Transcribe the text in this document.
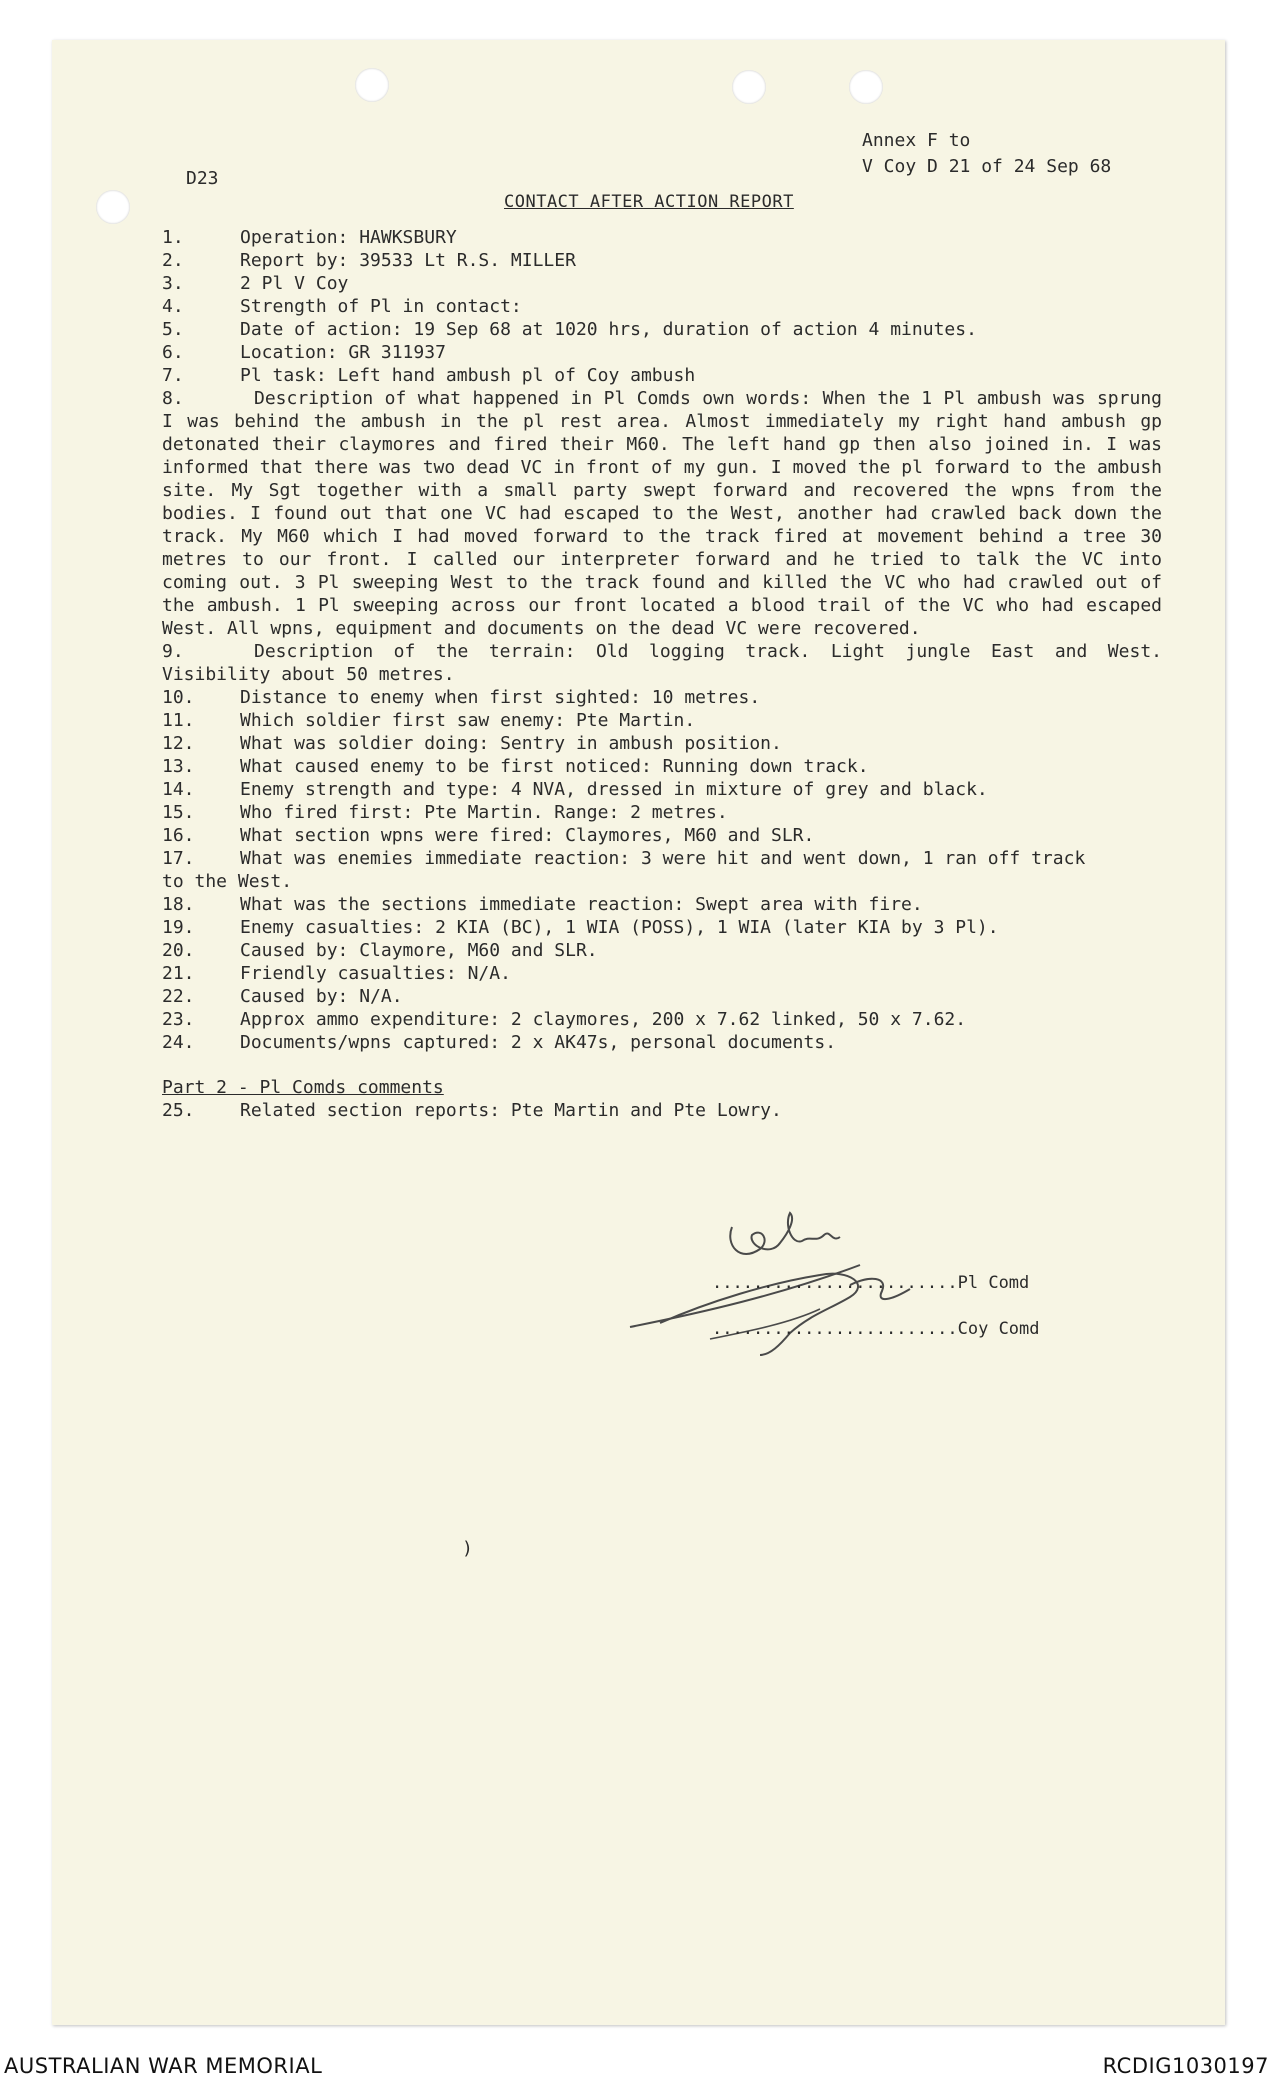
Annex F to
V Coy D 21 of 24 Sep 68
D23
CONTACT AFTER ACTION REPORT
1.	Operation: HAWKSBURY
2.	Report by: 39533 Lt R.S. MILLER
3.	2 Pl V Coy
4.	Strength of Pl in contact:
5.	Date of action: 19 Sep 68 at 1020 hrs, duration of action 4 minutes.
6.	Location: GR 311937
7.	Pl task: Left hand ambush pl of Coy ambush

8.	Description of what happened in Pl Comds own words: When the 1 Pl ambush was sprung I was behind the ambush in the pl rest area. Almost immediately my right hand ambush gp detonated their claymores and fired their M60. The left hand gp then also joined in. I was informed that there was two dead VC in front of my gun. I moved the pl forward to the ambush site. My Sgt together with a small party swept forward and recovered the wpns from the bodies. I found out that one VC had escaped to the West, another had crawled back down the track. My M60 which I had moved forward to the track fired at movement behind a tree 30 metres to our front. I called our interpreter forward and he tried to talk the VC into coming out. 3 Pl sweeping West to the track found and killed the VC who had crawled out of the ambush. 1 Pl sweeping across our front located a blood trail of the VC who had escaped West. All wpns, equipment and documents on the dead VC were recovered.

9.	Description of the terrain: Old logging track. Light jungle East and West. Visibility about 50 metres.

10.	Distance to enemy when first sighted: 10 metres.
11.	Which soldier first saw enemy: Pte Martin.
12.	What was soldier doing: Sentry in ambush position.
13.	What caused enemy to be first noticed: Running down track.
14.	Enemy strength and type: 4 NVA, dressed in mixture of grey and black.
15.	Who fired first: Pte Martin. Range: 2 metres.
16.	What section wpns were fired: Claymores, M60 and SLR.
17.	What was enemies immediate reaction: 3 were hit and went down, 1 ran off track
to the West.
18.	What was the sections immediate reaction: Swept area with fire.
19.	Enemy casualties: 2 KIA (BC), 1 WIA (POSS), 1 WIA (later KIA by 3 Pl).
20.	Caused by: Claymore, M60 and SLR.
21.	Friendly casualties: N/A.
22.	Caused by: N/A.
23.	Approx ammo expenditure: 2 claymores, 200 x 7.62 linked, 50 x 7.62.
24.	Documents/wpns captured: 2 x AK47s, personal documents.
Part 2 - Pl Comds comments
25.	Related section reports: Pte Martin and Pte Lowry.
........................Pl Comd
........................Coy Comd
)
AUSTRALIAN WAR MEMORIAL	RCDIG1030197
